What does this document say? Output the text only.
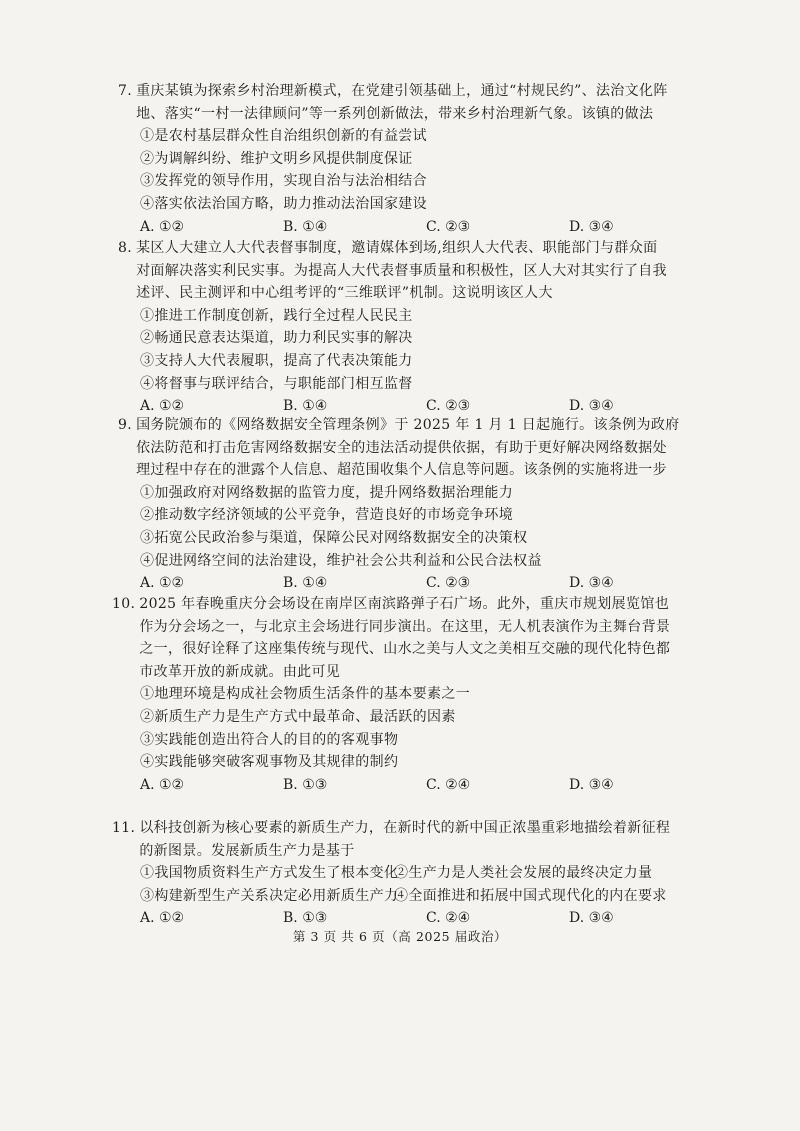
7. 重庆某镇为探索乡村治理新模式，在党建引领基础上，通过“村规民约”、法治文化阵
地、落实“一村一法律顾问”等一系列创新做法，带来乡村治理新气象。该镇的做法
①是农村基层群众性自治组织创新的有益尝试
②为调解纠纷、维护文明乡风提供制度保证
③发挥党的领导作用，实现自治与法治相结合
④落实依法治国方略，助力推动法治国家建设
A. ①②	B. ①④	C. ②③	D. ③④
8. 某区人大建立人大代表督事制度，邀请媒体到场,组织人大代表、职能部门与群众面
对面解决落实利民实事。为提高人大代表督事质量和积极性，区人大对其实行了自我
述评、民主测评和中心组考评的“三维联评”机制。这说明该区人大
①推进工作制度创新，践行全过程人民民主
②畅通民意表达渠道，助力利民实事的解决
③支持人大代表履职，提高了代表决策能力
④将督事与联评结合，与职能部门相互监督
A. ①②	B. ①④	C. ②③	D. ③④
9. 国务院颁布的《网络数据安全管理条例》于 2025 年 1 月 1 日起施行。该条例为政府
依法防范和打击危害网络数据安全的违法活动提供依据，有助于更好解决网络数据处
理过程中存在的泄露个人信息、超范围收集个人信息等问题。该条例的实施将进一步
①加强政府对网络数据的监管力度，提升网络数据治理能力
②推动数字经济领域的公平竞争，营造良好的市场竞争环境
③拓宽公民政治参与渠道，保障公民对网络数据安全的决策权
④促进网络空间的法治建设，维护社会公共利益和公民合法权益
A. ①②	B. ①④	C. ②③	D. ③④
10. 2025 年春晚重庆分会场设在南岸区南滨路弹子石广场。此外，重庆市规划展览馆也
作为分会场之一，与北京主会场进行同步演出。在这里，无人机表演作为主舞台背景
之一，很好诠释了这座集传统与现代、山水之美与人文之美相互交融的现代化特色都
市改革开放的新成就。由此可见
①地理环境是构成社会物质生活条件的基本要素之一
②新质生产力是生产方式中最革命、最活跃的因素
③实践能创造出符合人的目的的客观事物
④实践能够突破客观事物及其规律的制约
A. ①②	B. ①③	C. ②④	D. ③④
11. 以科技创新为核心要素的新质生产力，在新时代的新中国正浓墨重彩地描绘着新征程
的新图景。发展新质生产力是基于
①我国物质资料生产方式发生了根本变化
②生产力是人类社会发展的最终决定力量
③构建新型生产关系决定必用新质生产力
④全面推进和拓展中国式现代化的内在要求
A. ①②	B. ①③	C. ②④	D. ③④
第 3 页 共 6 页（高 2025 届政治）
